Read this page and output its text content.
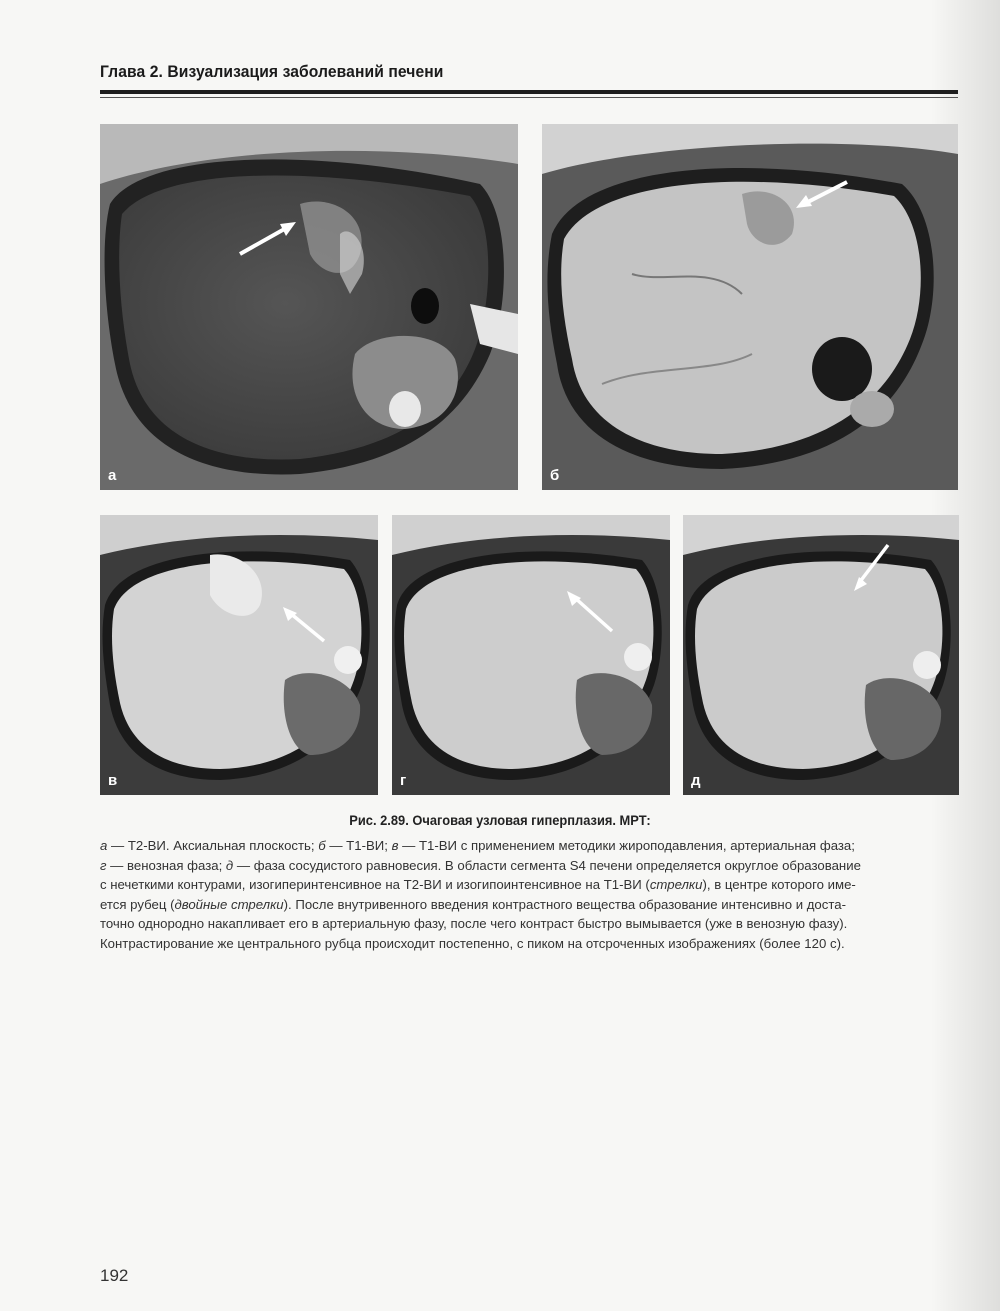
Глава 2. Визуализация заболеваний печени
а	б
в	г	д
Рис. 2.89. Очаговая узловая гиперплазия. МРТ:

а — Т2-ВИ. Аксиальная плоскость; б — Т1-ВИ; в — Т1-ВИ с применением методики жироподавления, артериальная фаза;

г — венозная фаза; д — фаза сосудистого равновесия. В области сегмента S4 печени определяется округлое образование

с нечеткими контурами, изогиперинтенсивное на Т2-ВИ и изогипоинтенсивное на Т1-ВИ (стрелки), в центре которого име-

ется рубец (двойные стрелки). После внутривенного введения контрастного вещества образование интенсивно и доста-

точно однородно накапливает его в артериальную фазу, после чего контраст быстро вымывается (уже в венозную фазу).

Контрастирование же центрального рубца происходит постепенно, с пиком на отсроченных изображениях (более 120 с).

192
